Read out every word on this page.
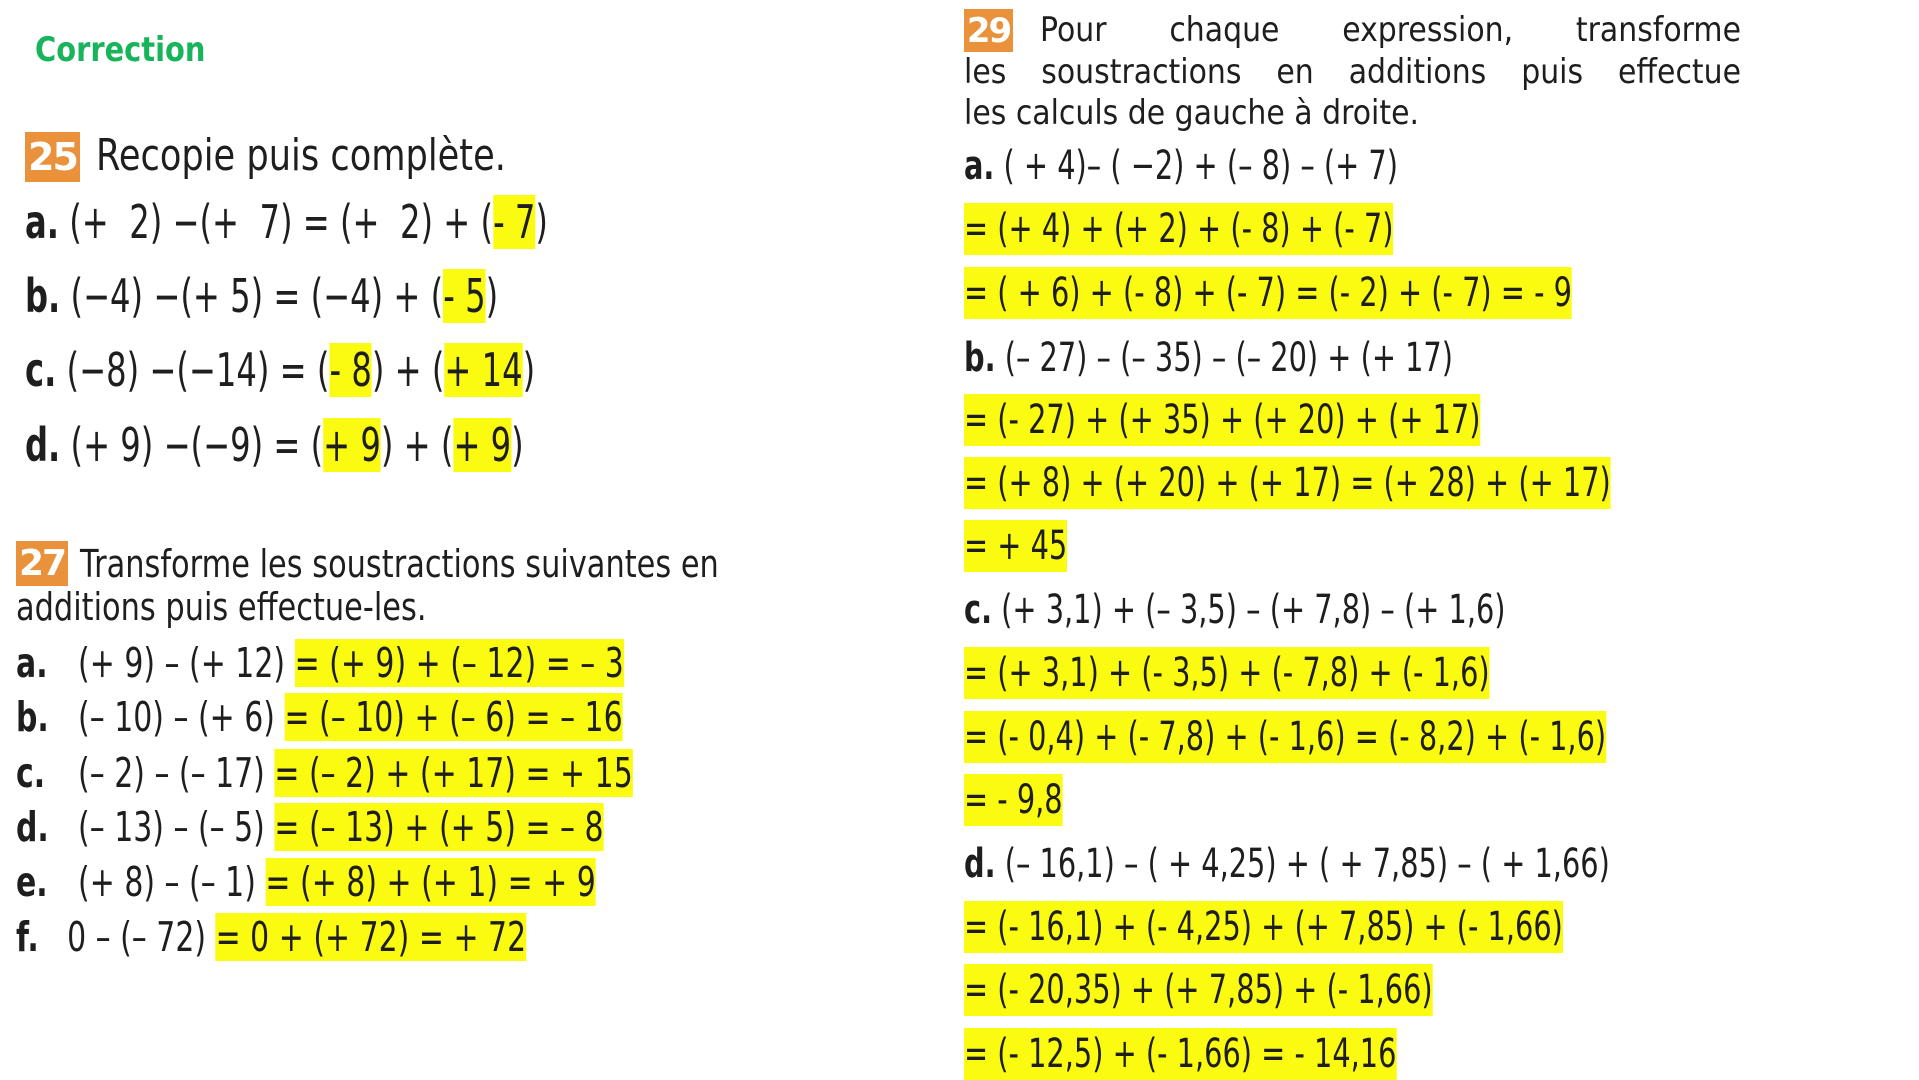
Correction
25 Recopie puis complète.
27
29
a. (+  2) −(+  7) = (+  2) + (- 7)
b. (−4) −(+ 5) = (−4) + (- 5)
c. (−8) −(−14) = (- 8) + (+ 14)
d. (+ 9) −(−9) = (+ 9) + (+ 9)
Transforme les soustractions suivantes en
additions puis effectue-les.
a. (+ 9) – (+ 12) = (+ 9) + (– 12) = – 3
b. (– 10) – (+ 6) = (– 10) + (– 6) = – 16
c. (– 2) – (– 17) = (– 2) + (+ 17) = + 15
d. (– 13) – (– 5) = (– 13) + (+ 5) = – 8
e. (+ 8) – (– 1) = (+ 8) + (+ 1) = + 9
f. 0 – (– 72) = 0 + (+ 72) = + 72
Pour chaque expression, transforme
les soustractions en additions puis effectue
les calculs de gauche à droite.
a. ( + 4)– ( −2) + (– 8) – (+ 7)
= (+ 4) + (+ 2) + (- 8) + (- 7)
= ( + 6) + (- 8) + (- 7) = (- 2) + (- 7) = - 9
b. (– 27) – (– 35) – (– 20) + (+ 17)
= (- 27) + (+ 35) + (+ 20) + (+ 17)
= (+ 8) + (+ 20) + (+ 17) = (+ 28) + (+ 17)
= + 45
c. (+ 3,1) + (– 3,5) – (+ 7,8) – (+ 1,6)
= (+ 3,1) + (- 3,5) + (- 7,8) + (- 1,6)
= (- 0,4) + (- 7,8) + (- 1,6) = (- 8,2) + (- 1,6)
= - 9,8
d. (– 16,1) – ( + 4,25) + ( + 7,85) – ( + 1,66)
= (- 16,1) + (- 4,25) + (+ 7,85) + (- 1,66)
= (- 20,35) + (+ 7,85) + (- 1,66)
= (- 12,5) + (- 1,66) = - 14,16
